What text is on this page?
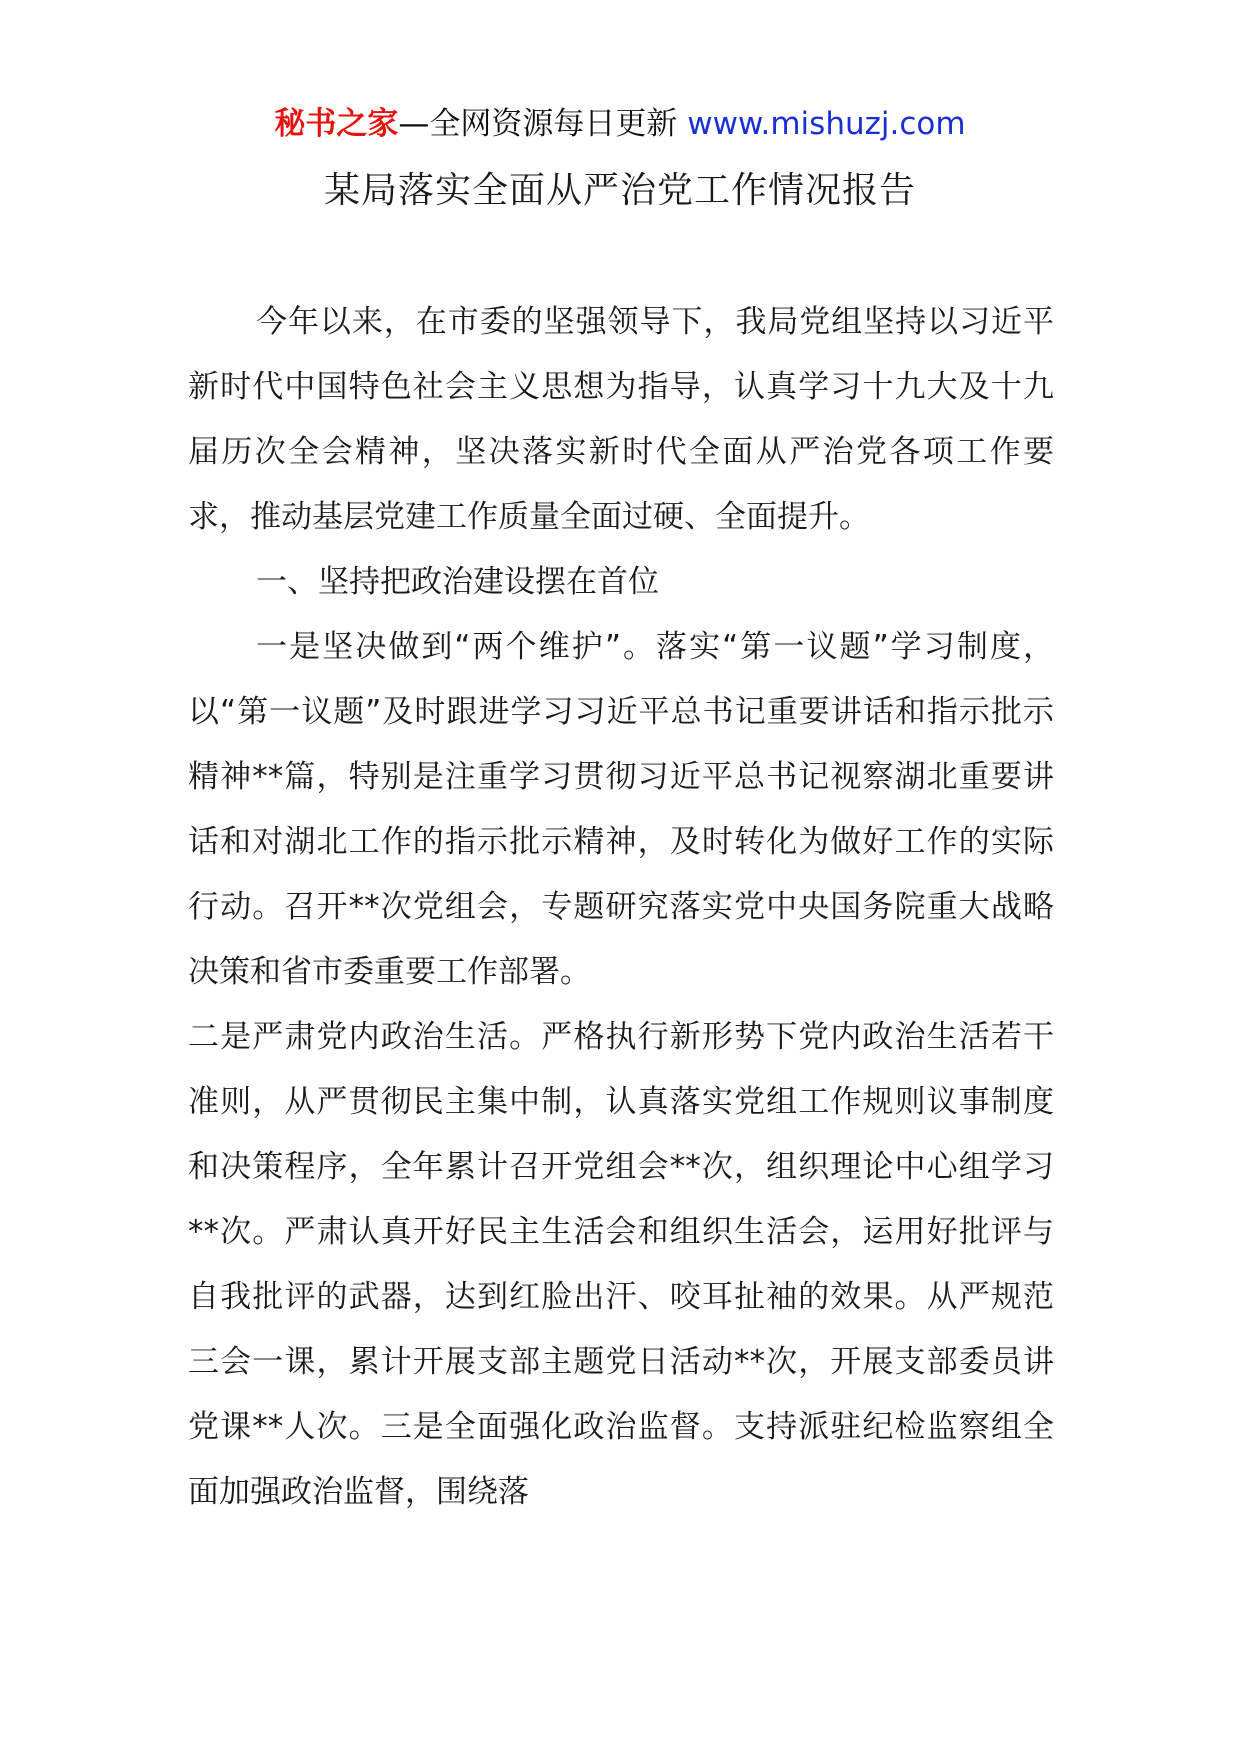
秘书之家—全网资源每日更新 www.mishuzj.com
某局落实全面从严治党工作情况报告

今年以来，在市委的坚强领导下，我局党组坚持以习近平新时代中国特色社会主义思想为指导，认真学习十九大及十九届历次全会精神，坚决落实新时代全面从严治党各项工作要求，推动基层党建工作质量全面过硬、全面提升。

一、坚持把政治建设摆在首位

一是坚决做到“两个维护”。落实“第一议题”学习制度，以“第一议题”及时跟进学习习近平总书记重要讲话和指示批示精神**篇，特别是注重学习贯彻习近平总书记视察湖北重要讲话和对湖北工作的指示批示精神，及时转化为做好工作的实际行动。召开**次党组会，专题研究落实党中央国务院重大战略决策和省市委重要工作部署。

二是严肃党内政治生活。严格执行新形势下党内政治生活若干准则，从严贯彻民主集中制，认真落实党组工作规则议事制度和决策程序，全年累计召开党组会**次，组织理论中心组学习**次。严肃认真开好民主生活会和组织生活会，运用好批评与自我批评的武器，达到红脸出汗、咬耳扯袖的效果。从严规范三会一课，累计开展支部主题党日活动**次，开展支部委员讲党课**人次。三是全面强化政治监督。支持派驻纪检监察组全面加强政治监督，围绕落
